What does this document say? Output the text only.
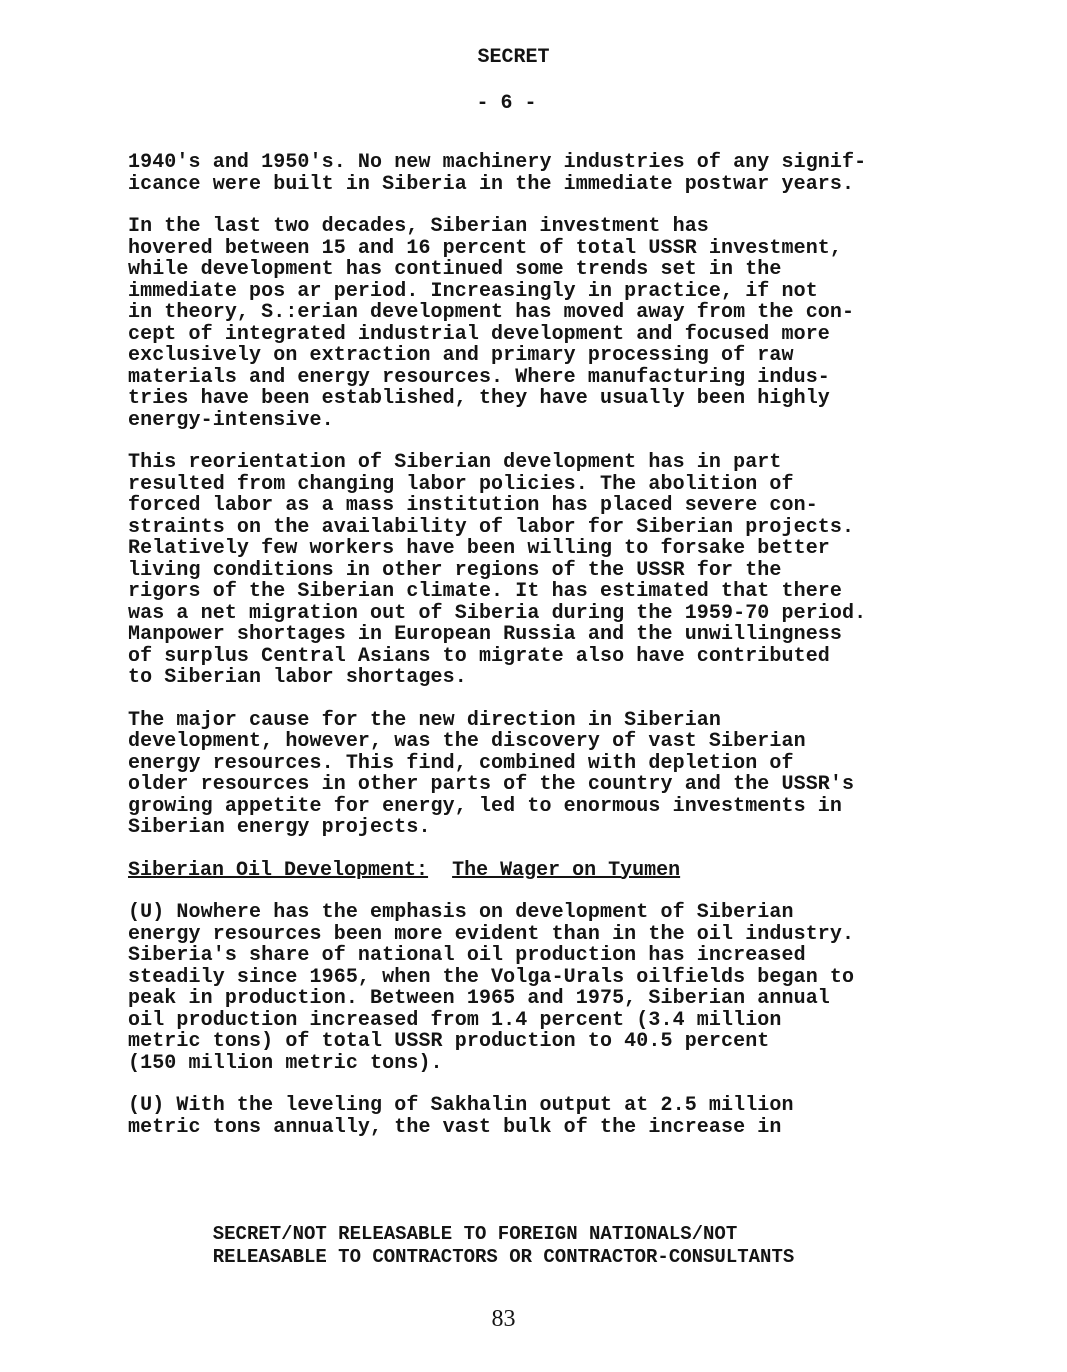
SECRET
- 6 -

1940's and 1950's. No new machinery industries of any signif-
icance were built in Siberia in the immediate postwar years.

In the last two decades, Siberian investment has
hovered between 15 and 16 percent of total USSR investment,
while development has continued some trends set in the
immediate pos ar period. Increasingly in practice, if not
in theory, S.:erian development has moved away from the con-
cept of integrated industrial development and focused more
exclusively on extraction and primary processing of raw
materials and energy resources. Where manufacturing indus-
tries have been established, they have usually been highly
energy-intensive.

This reorientation of Siberian development has in part
resulted from changing labor policies. The abolition of
forced labor as a mass institution has placed severe con-
straints on the availability of labor for Siberian projects.
Relatively few workers have been willing to forsake better
living conditions in other regions of the USSR for the
rigors of the Siberian climate. It has estimated that there
was a net migration out of Siberia during the 1959-70 period.
Manpower shortages in European Russia and the unwillingness
of surplus Central Asians to migrate also have contributed
to Siberian labor shortages.

The major cause for the new direction in Siberian
development, however, was the discovery of vast Siberian
energy resources. This find, combined with depletion of
older resources in other parts of the country and the USSR's
growing appetite for energy, led to enormous investments in
Siberian energy projects.

Siberian Oil Development: The Wager on Tyumen

(U) Nowhere has the emphasis on development of Siberian
energy resources been more evident than in the oil industry.
Siberia's share of national oil production has increased
steadily since 1965, when the Volga-Urals oilfields began to
peak in production. Between 1965 and 1975, Siberian annual
oil production increased from 1.4 percent (3.4 million
metric tons) of total USSR production to 40.5 percent
(150 million metric tons).

(U) With the leveling of Sakhalin output at 2.5 million
metric tons annually, the vast bulk of the increase in

SECRET/NOT RELEASABLE TO FOREIGN NATIONALS/NOT
RELEASABLE TO CONTRACTORS OR CONTRACTOR-CONSULTANTS

83
